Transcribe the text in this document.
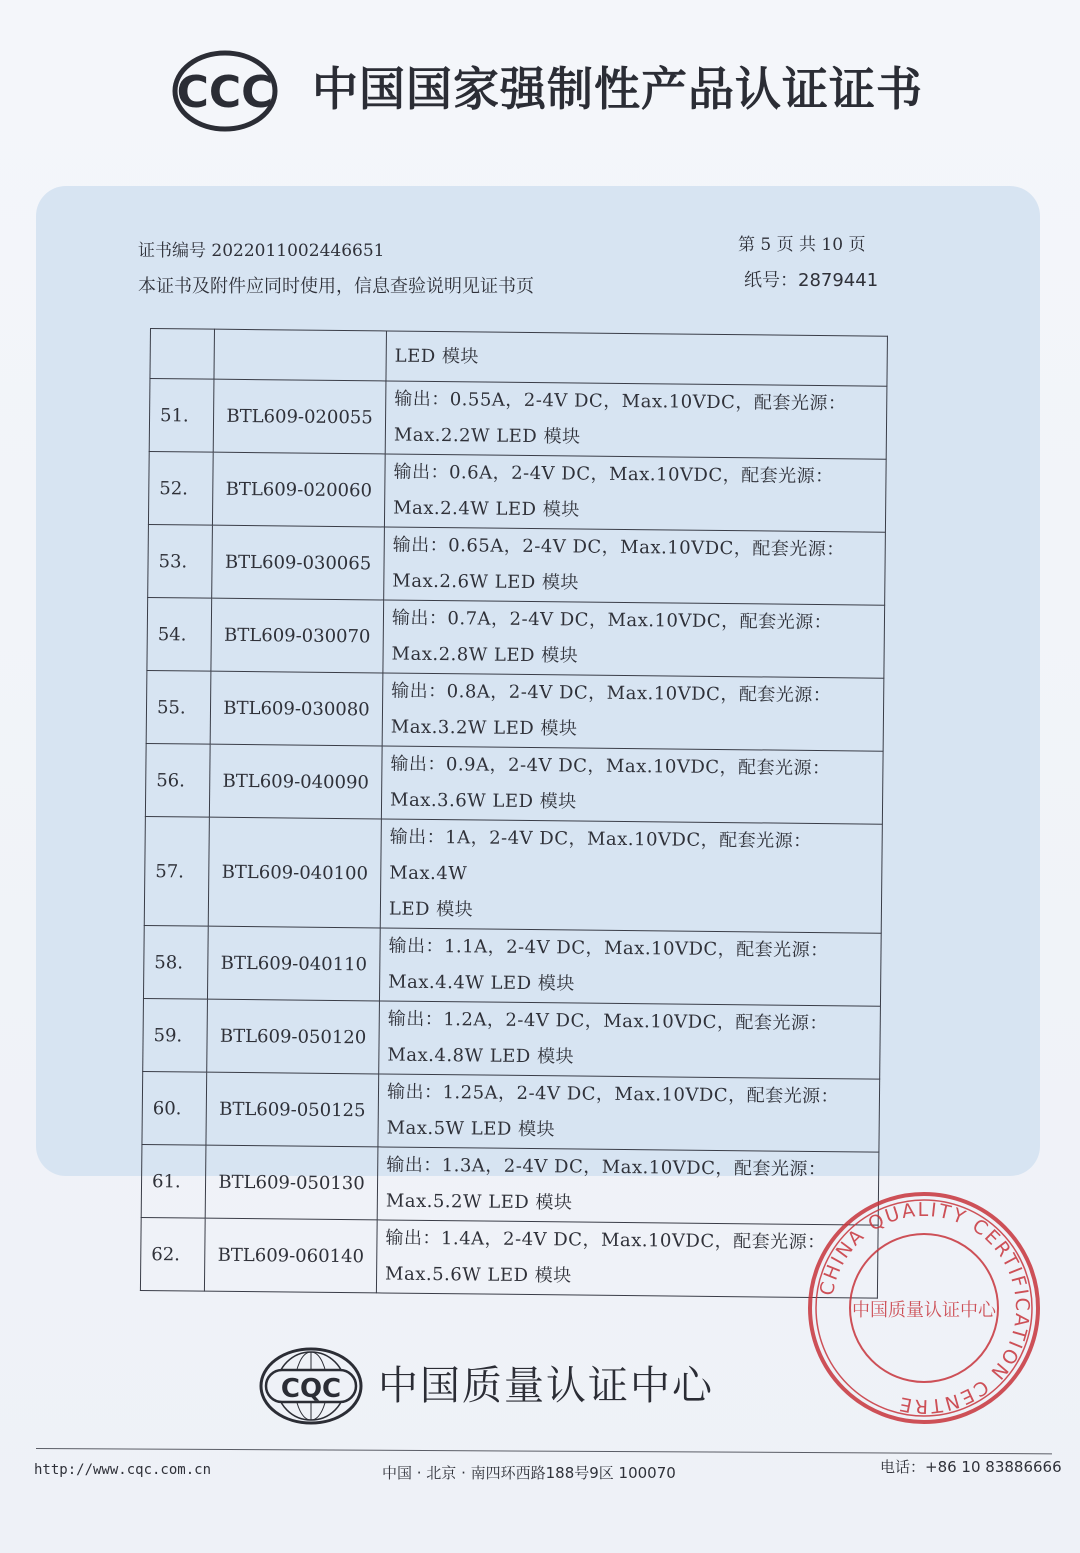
CCC 中国国家强制性产品认证证书
证书编号 2022011002446651
本证书及附件应同时使用，信息查验说明见证书页
第 5 页 共 10 页
纸号：2879441
		LED 模块
51.	BTL609-020055	输出：0.55A，2-4V DC，Max.10VDC，配套光源：
Max.2.2W LED 模块

52.	BTL609-020060	输出：0.6A，2-4V DC，Max.10VDC，配套光源：
Max.2.4W LED 模块

53.	BTL609-030065	输出：0.65A，2-4V DC，Max.10VDC，配套光源：
Max.2.6W LED 模块

54.	BTL609-030070	输出：0.7A，2-4V DC，Max.10VDC，配套光源：
Max.2.8W LED 模块

55.	BTL609-030080	输出：0.8A，2-4V DC，Max.10VDC，配套光源：
Max.3.2W LED 模块

56.	BTL609-040090	输出：0.9A，2-4V DC，Max.10VDC，配套光源：
Max.3.6W LED 模块

57.	BTL609-040100	输出：1A，2-4V DC，Max.10VDC，配套光源：Max.4W
LED 模块

58.	BTL609-040110	输出：1.1A，2-4V DC，Max.10VDC，配套光源：
Max.4.4W LED 模块

59.	BTL609-050120	输出：1.2A，2-4V DC，Max.10VDC，配套光源：
Max.4.8W LED 模块

60.	BTL609-050125	输出：1.25A，2-4V DC，Max.10VDC，配套光源：
Max.5W LED 模块

61.	BTL609-050130	输出：1.3A，2-4V DC，Max.10VDC，配套光源：
Max.5.2W LED 模块

62.	BTL609-060140	输出：1.4A，2-4V DC，Max.10VDC，配套光源：
Max.5.6W LED 模块
CQC 中国质量认证中心
http://www.cqc.com.cn	中国 · 北京 · 南四环西路188号9区 100070	电话：+86 10 83886666
CHINA QUALITY CERTIFICATION CENTRE
中国质量认证中心
